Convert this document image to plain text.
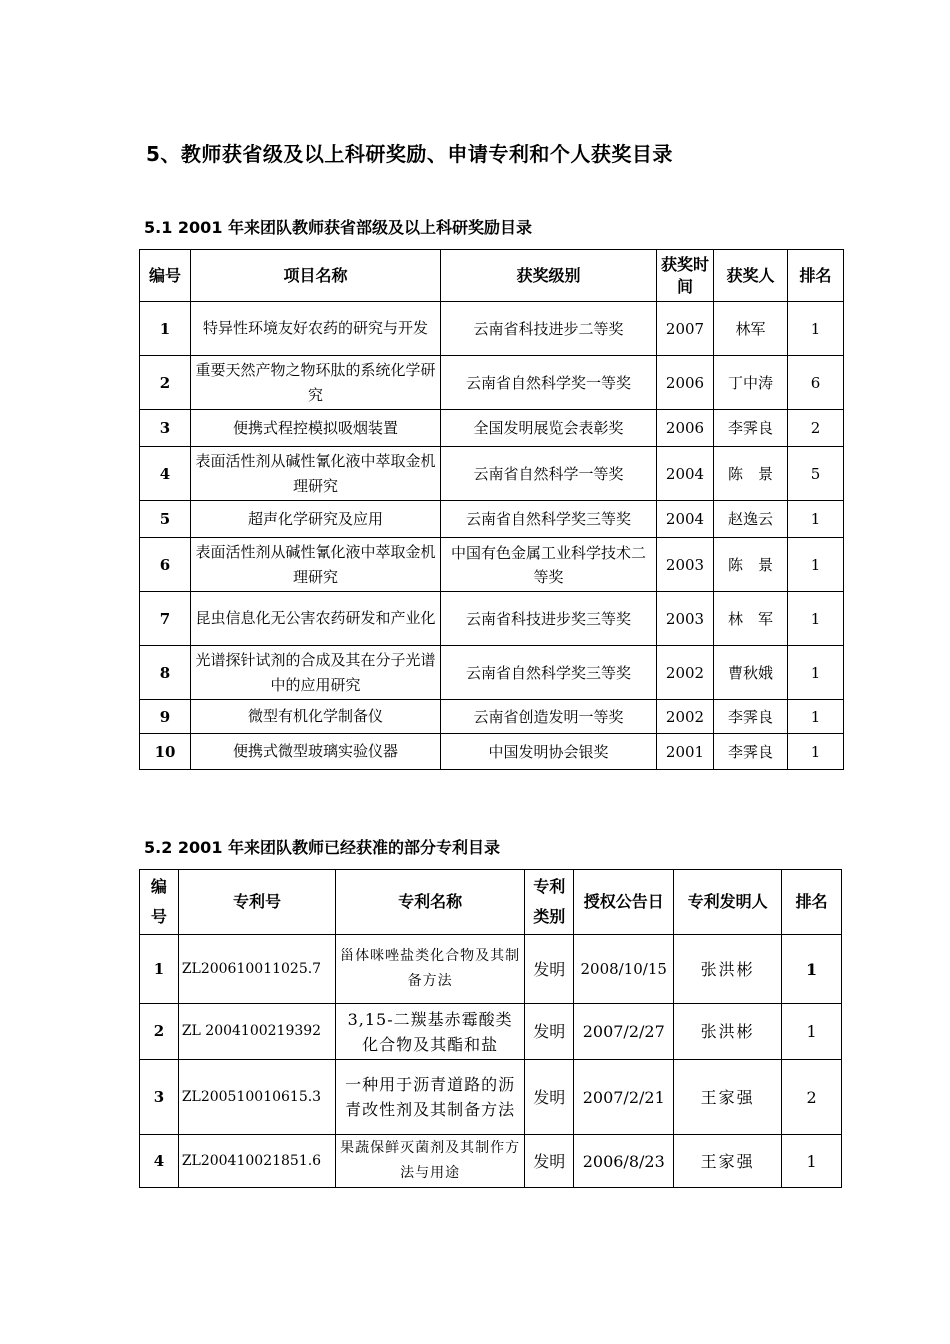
5、教师获省级及以上科研奖励、申请专利和个人获奖目录
5.1 2001 年来团队教师获省部级及以上科研奖励目录
编号	项目名称	获奖级别	获奖时间	获奖人	排名
1	特异性环境友好农药的研究与开发	云南省科技进步二等奖	2007	林军	1
2	重要天然产物之物环肽的系统化学研究	云南省自然科学奖一等奖	2006	丁中涛	6
3	便携式程控模拟吸烟装置	全国发明展览会表彰奖	2006	李霁良	2
4	表面活性剂从碱性氰化液中萃取金机理研究	云南省自然科学一等奖	2004	陈　景	5
5	超声化学研究及应用	云南省自然科学奖三等奖	2004	赵逸云	1
6	表面活性剂从碱性氰化液中萃取金机理研究	中国有色金属工业科学技术二等奖	2003	陈　景	1
7	昆虫信息化无公害农药研发和产业化	云南省科技进步奖三等奖	2003	林　军	1
8	光谱探针试剂的合成及其在分子光谱中的应用研究	云南省自然科学奖三等奖	2002	曹秋娥	1
9	微型有机化学制备仪	云南省创造发明一等奖	2002	李霁良	1
10	便携式微型玻璃实验仪器	中国发明协会银奖	2001	李霁良	1
5.2 2001 年来团队教师已经获准的部分专利目录
编号	专利号	专利名称	专利类别	授权公告日	专利发明人	排名
1	ZL200610011025.7	甾体咪唑盐类化合物及其制备方法	发明	2008/10/15	张洪彬	1
2	ZL 2004100219392	3,15-二羰基赤霉酸类化合物及其酯和盐	发明	2007/2/27	张洪彬	1
3	ZL200510010615.3	一种用于沥青道路的沥青改性剂及其制备方法	发明	2007/2/21	王家强	2
4	ZL200410021851.6	果蔬保鲜灭菌剂及其制作方法与用途	发明	2006/8/23	王家强	1
